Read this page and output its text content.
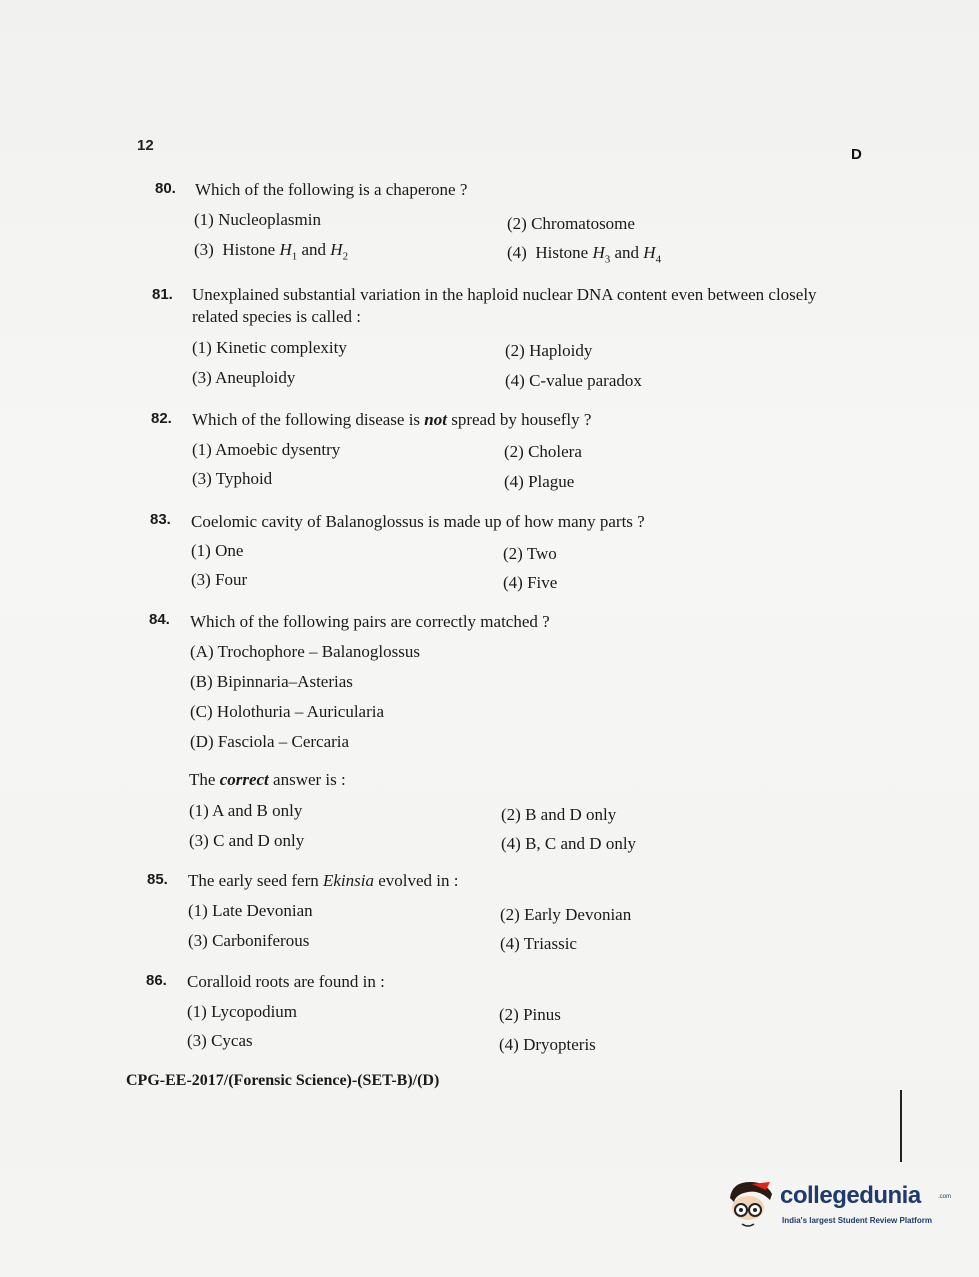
12
D
80. Which of the following is a chaperone ?
(1) Nucleoplasmin	(2) Chromatosome
(3)  Histone $H_1$ and $H_2$	(4)  Histone $H_3$ and $H_4$
81. Unexplained substantial variation in the haploid nuclear DNA content even between closely related species is called :
(1) Kinetic complexity	(2) Haploidy
(3) Aneuploidy	(4) C-value paradox
82. Which of the following disease is not spread by housefly ?
(1) Amoebic dysentry	(2) Cholera
(3) Typhoid	(4) Plague
83. Coelomic cavity of Balanoglossus is made up of how many parts ?
(1) One	(2) Two
(3) Four	(4) Five
84. Which of the following pairs are correctly matched ?
(A) Trochophore – Balanoglossus
(B) Bipinnaria–Asterias
(C) Holothuria – Auricularia
(D) Fasciola – Cercaria
The correct answer is :
(1) A and B only	(2) B and D only
(3) C and D only	(4) B, C and D only
85. The early seed fern Ekinsia evolved in :
(1) Late Devonian	(2) Early Devonian
(3) Carboniferous	(4) Triassic
86. Coralloid roots are found in :
(1) Lycopodium	(2) Pinus
(3) Cycas	(4) Dryopteris
CPG-EE-2017/(Forensic Science)-(SET-B)/(D)
collegedunia	.com
India's largest Student Review Platform
